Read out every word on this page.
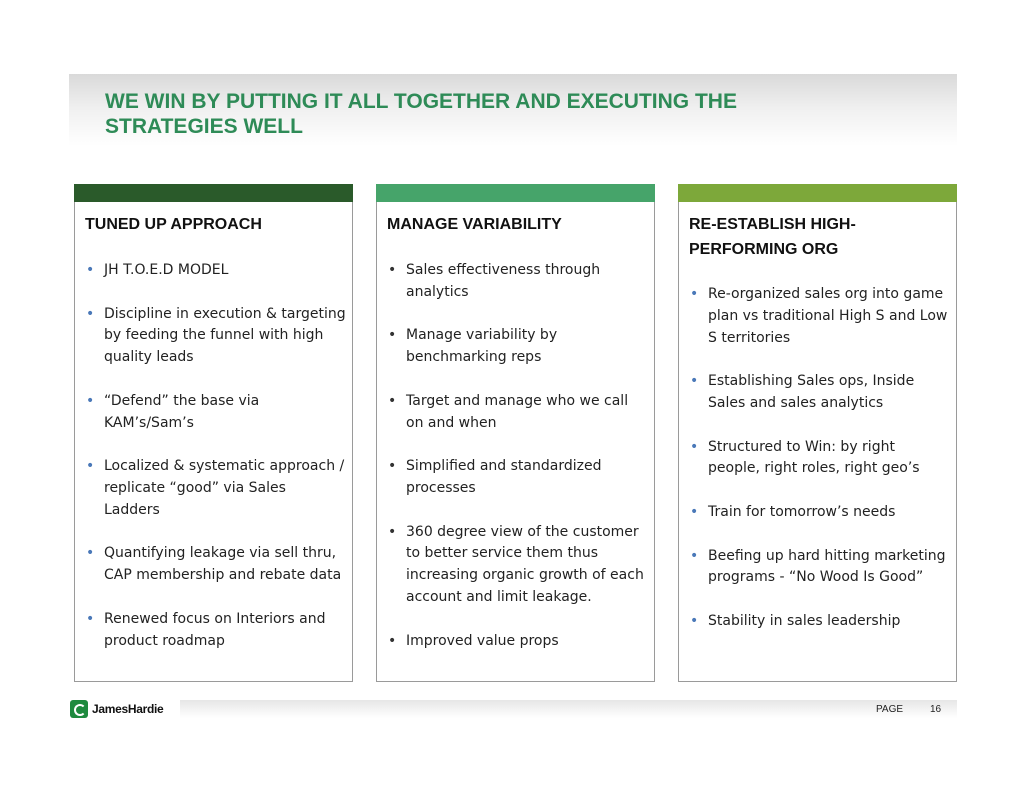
WE WIN BY PUTTING IT ALL TOGETHER AND EXECUTING THE
STRATEGIES WELL
TUNED UP APPROACH
• JH T.O.E.D MODEL
• Discipline in execution & targeting by feeding the funnel with high quality leads
• “Defend” the base via KAM’s/Sam’s
• Localized & systematic approach / replicate “good” via Sales Ladders
• Quantifying leakage via sell thru, CAP membership and rebate data
• Renewed focus on Interiors and product roadmap
MANAGE VARIABILITY
• Sales effectiveness through analytics
• Manage variability by benchmarking reps
• Target and manage who we call on and when
• Simplified and standardized processes
• 360 degree view of the customer to better service them thus increasing organic growth of each account and limit leakage.
• Improved value props
RE-ESTABLISH HIGH-PERFORMING ORG
• Re-organized sales org into game plan vs traditional High S and Low S territories
• Establishing Sales ops, Inside Sales and sales analytics
• Structured to Win: by right people, right roles, right geo’s
• Train for tomorrow’s needs
• Beefing up hard hitting marketing programs - “No Wood Is Good”
• Stability in sales leadership
JamesHardie	PAGE	16
